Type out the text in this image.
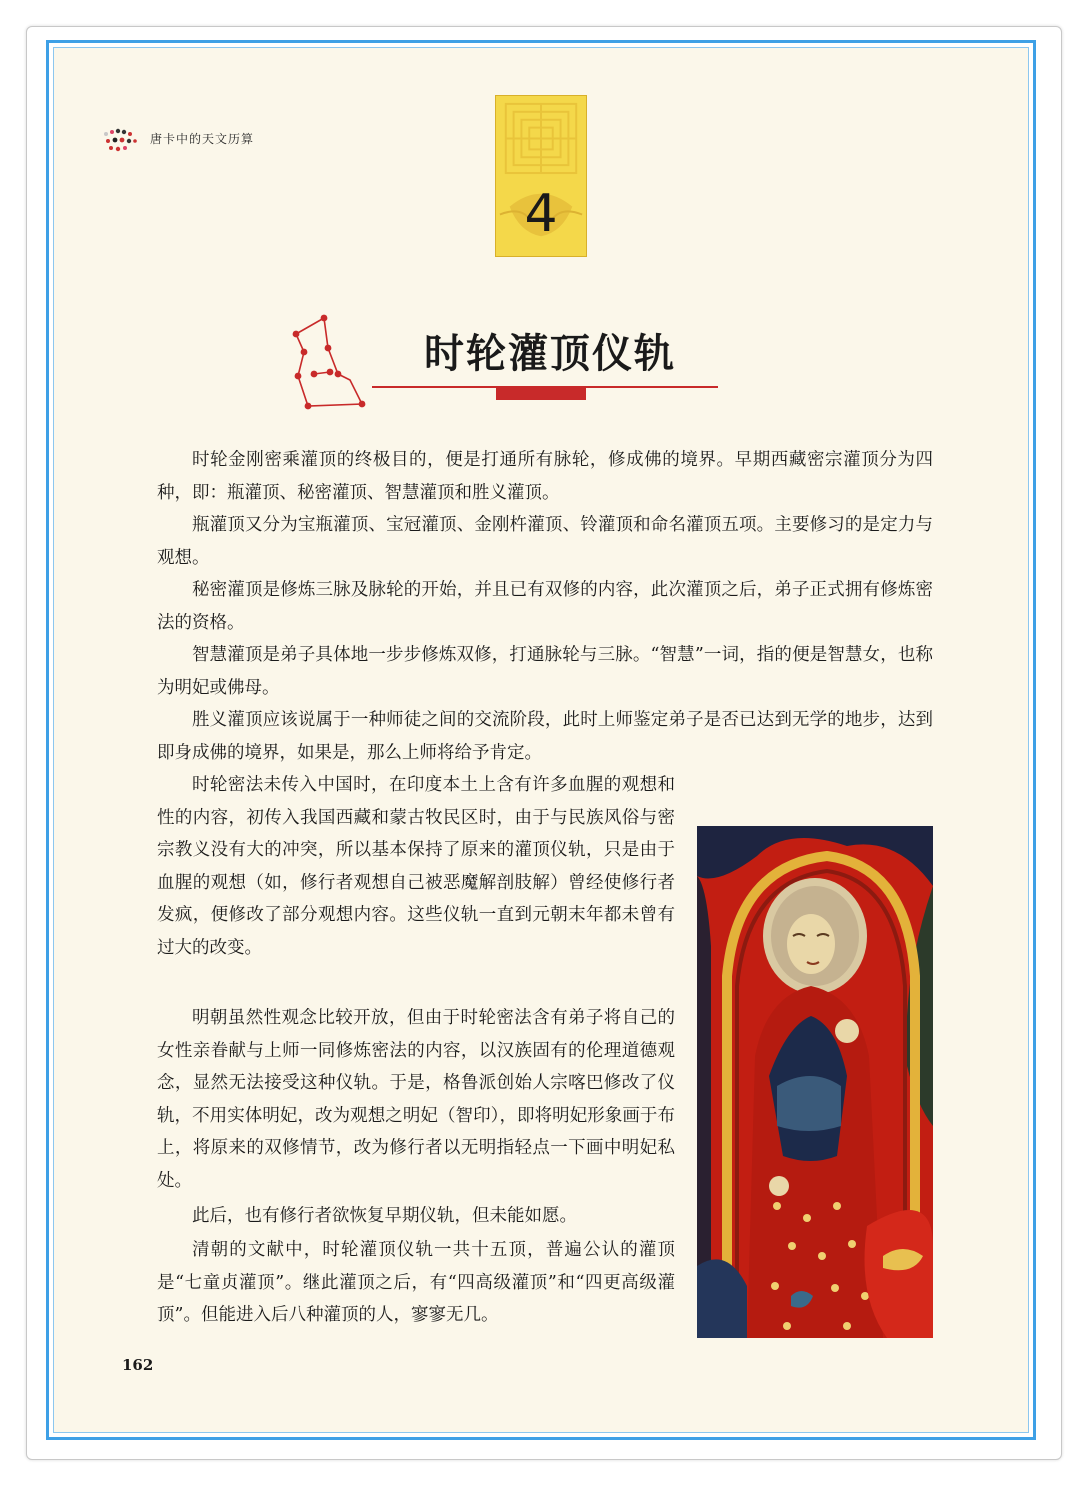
唐卡中的天文历算
4
时轮灌顶仪轨

时轮金刚密乘灌顶的终极目的，便是打通所有脉轮，修成佛的境界。早期西藏密宗灌顶分为四种，即：瓶灌顶、秘密灌顶、智慧灌顶和胜义灌顶。

瓶灌顶又分为宝瓶灌顶、宝冠灌顶、金刚杵灌顶、铃灌顶和命名灌顶五项。主要修习的是定力与观想。

秘密灌顶是修炼三脉及脉轮的开始，并且已有双修的内容，此次灌顶之后，弟子正式拥有修炼密法的资格。

智慧灌顶是弟子具体地一步步修炼双修，打通脉轮与三脉。“智慧”一词，指的便是智慧女，也称为明妃或佛母。

胜义灌顶应该说属于一种师徒之间的交流阶段，此时上师鉴定弟子是否已达到无学的地步，达到即身成佛的境界，如果是，那么上师将给予肯定。

时轮密法未传入中国时，在印度本土上含有许多血腥的观想和性的内容，初传入我国西藏和蒙古牧民区时，由于与民族风俗与密宗教义没有大的冲突，所以基本保持了原来的灌顶仪轨，只是由于血腥的观想（如，修行者观想自己被恶魔解剖肢解）曾经使修行者发疯，便修改了部分观想内容。这些仪轨一直到元朝末年都未曾有过大的改变。

明朝虽然性观念比较开放，但由于时轮密法含有弟子将自己的女性亲眷献与上师一同修炼密法的内容，以汉族固有的伦理道德观念，显然无法接受这种仪轨。于是，格鲁派创始人宗喀巴修改了仪轨，不用实体明妃，改为观想之明妃（智印），即将明妃形象画于布上，将原来的双修情节，改为修行者以无明指轻点一下画中明妃私处。

此后，也有修行者欲恢复早期仪轨，但未能如愿。

清朝的文献中，时轮灌顶仪轨一共十五顶，普遍公认的灌顶是“七童贞灌顶”。继此灌顶之后，有“四高级灌顶”和“四更高级灌顶”。但能进入后八种灌顶的人，寥寥无几。

162
